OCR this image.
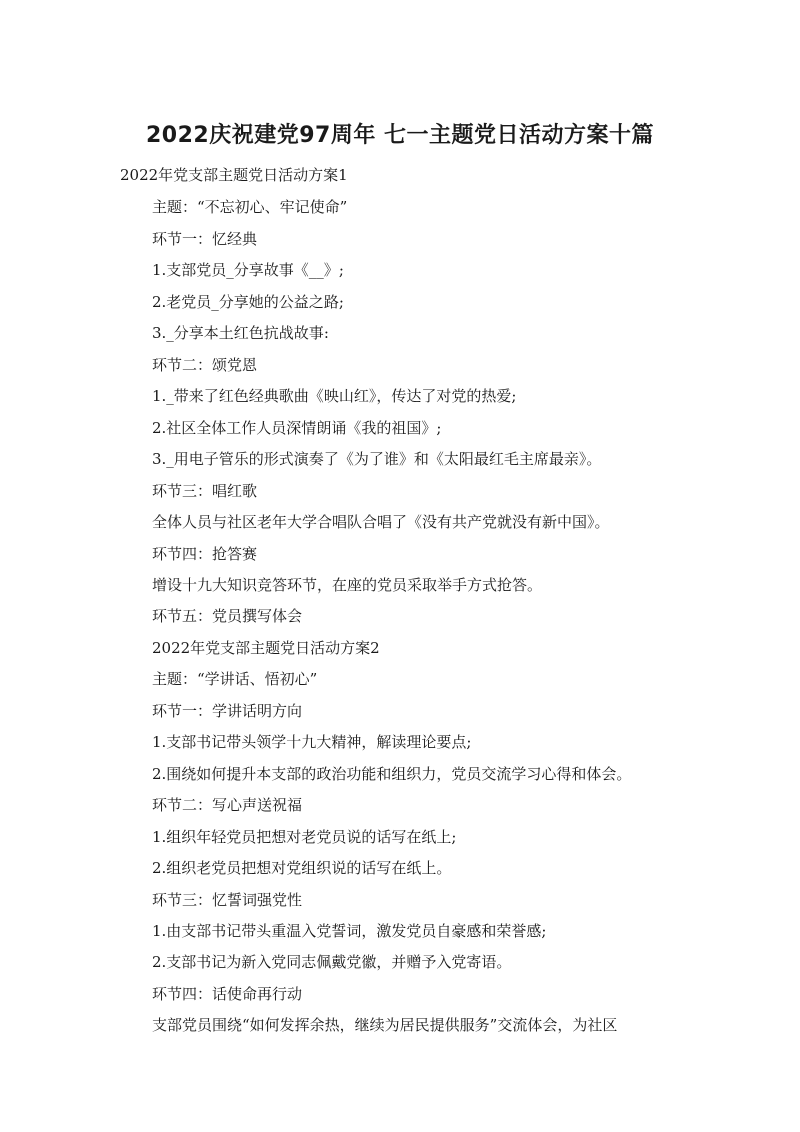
2022庆祝建党97周年 七一主题党日活动方案十篇

2022年党支部主题党日活动方案1

主题：“不忘初心、牢记使命”

环节一：忆经典

1.支部党员_分享故事《__》;

2.老党员_分享她的公益之路;

3._分享本土红色抗战故事:

环节二：颂党恩

1._带来了红色经典歌曲《映山红》，传达了对党的热爱;

2.社区全体工作人员深情朗诵《我的祖国》;

3._用电子管乐的形式演奏了《为了谁》和《太阳最红毛主席最亲》。

环节三：唱红歌

全体人员与社区老年大学合唱队合唱了《没有共产党就没有新中国》。

环节四：抢答赛

增设十九大知识竞答环节，在座的党员采取举手方式抢答。

环节五：党员撰写体会

2022年党支部主题党日活动方案2

主题：“学讲话、悟初心”

环节一：学讲话明方向

1.支部书记带头领学十九大精神，解读理论要点;

2.围绕如何提升本支部的政治功能和组织力，党员交流学习心得和体会。

环节二：写心声送祝福

1.组织年轻党员把想对老党员说的话写在纸上;

2.组织老党员把想对党组织说的话写在纸上。

环节三：忆誓词强党性

1.由支部书记带头重温入党誓词，激发党员自豪感和荣誉感;

2.支部书记为新入党同志佩戴党徽，并赠予入党寄语。

环节四：话使命再行动

支部党员围绕“如何发挥余热，继续为居民提供服务”交流体会，为社区
